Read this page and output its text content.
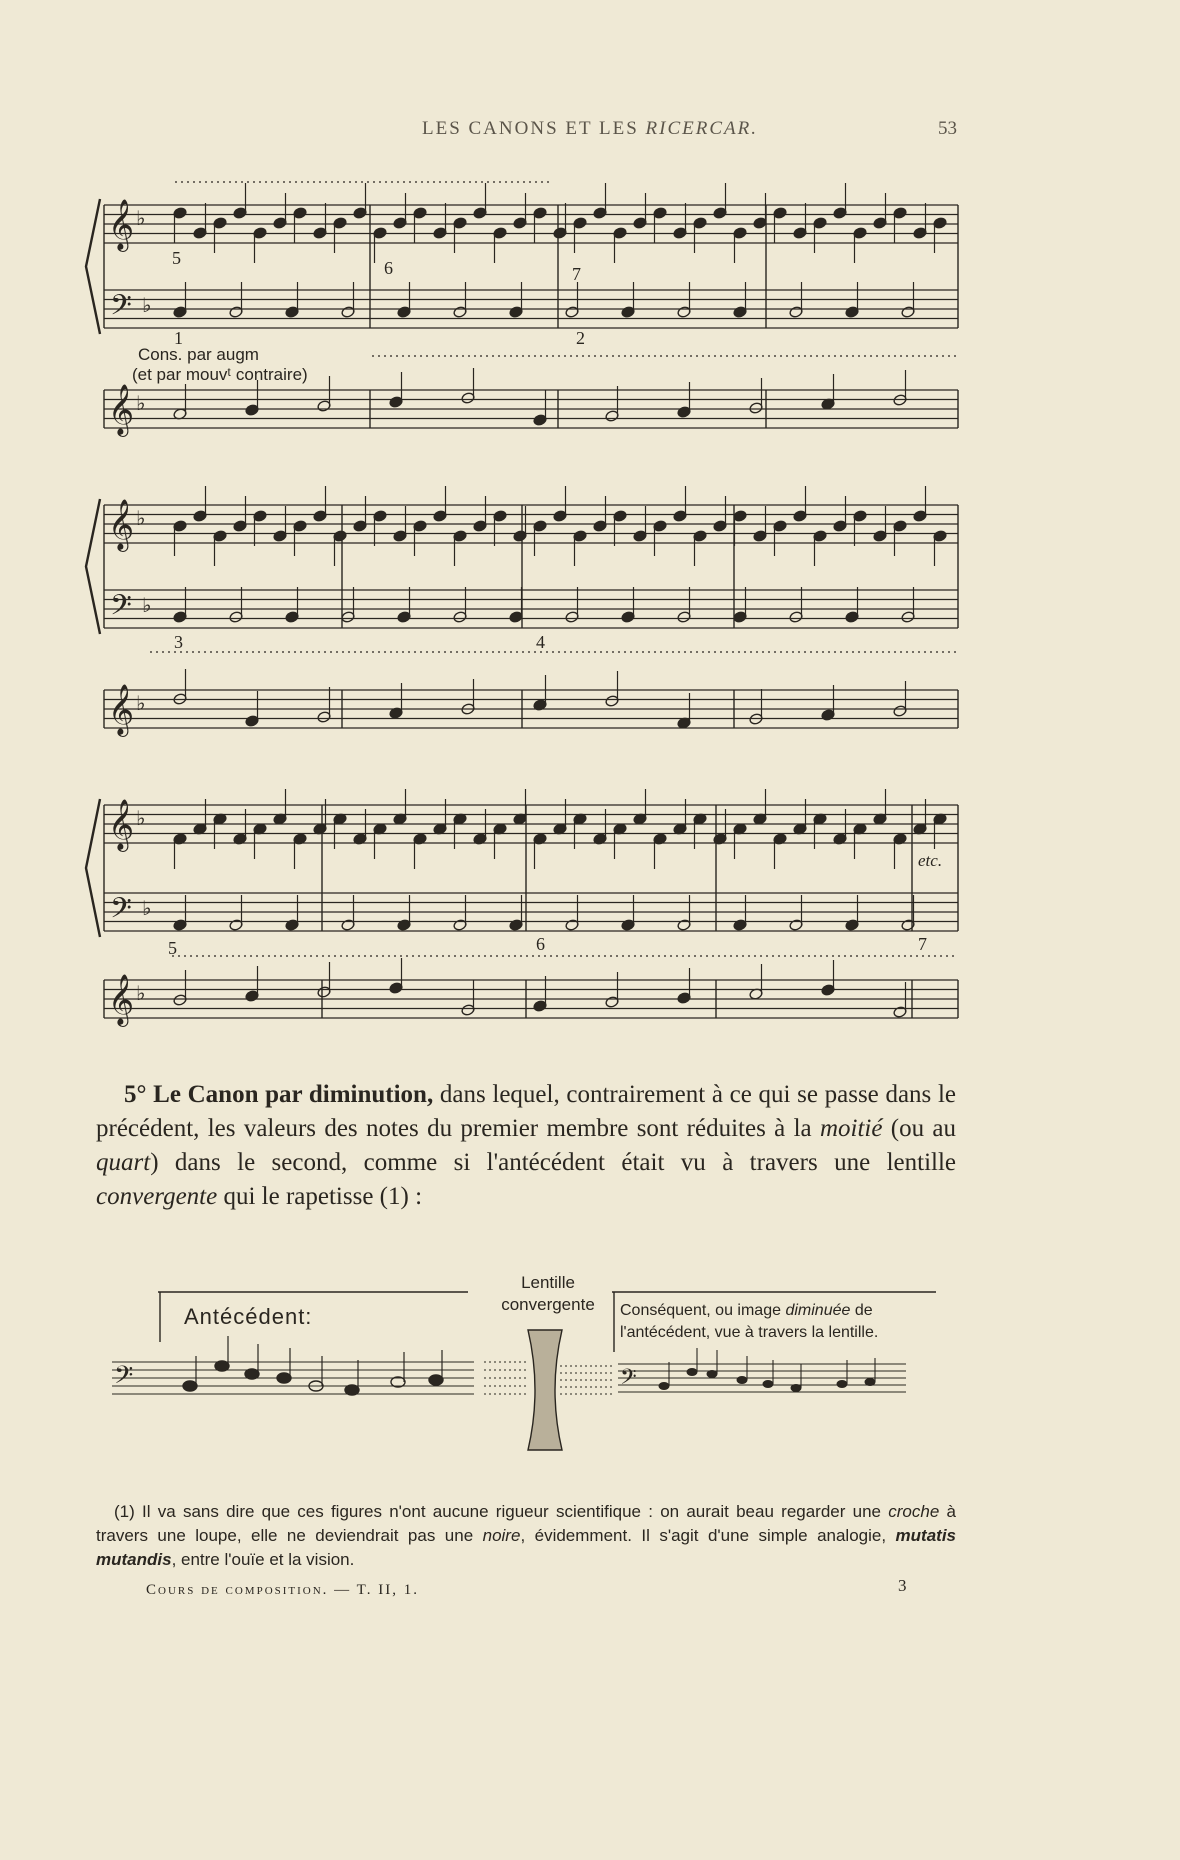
LES CANONS ET LES RICERCAR.	53
5	6	7
1	2
Cons. par augm
(et par mouvᵗ contraire)
3	4
5	6	7
etc.
𝄞 ♭
𝄢 ♭
𝄞 ♭
𝄞 ♭
𝄢 ♭
𝄞 ♭
𝄞 ♭
𝄢 ♭
𝄞 ♭
5° Le Canon par diminution, dans lequel, contrairement à ce qui se passe dans le précédent, les valeurs des notes du premier membre sont réduites à la moitié (ou au quart) dans le second, comme si l'antécédent était vu à travers une lentille convergente qui le rapetisse (1) :
𝄢	𝄢
Antécédent:
Lentille
convergente	Conséquent, ou image diminuée de
l'antécédent, vue à travers la lentille.
(1) Il va sans dire que ces figures n'ont aucune rigueur scientifique : on aurait beau regarder une croche à travers une loupe, elle ne deviendrait pas une noire, évidemment. Il s'agit d'une simple analogie, mutatis mutandis, entre l'ouïe et la vision.
Cours de composition. — T. II, 1.	3
